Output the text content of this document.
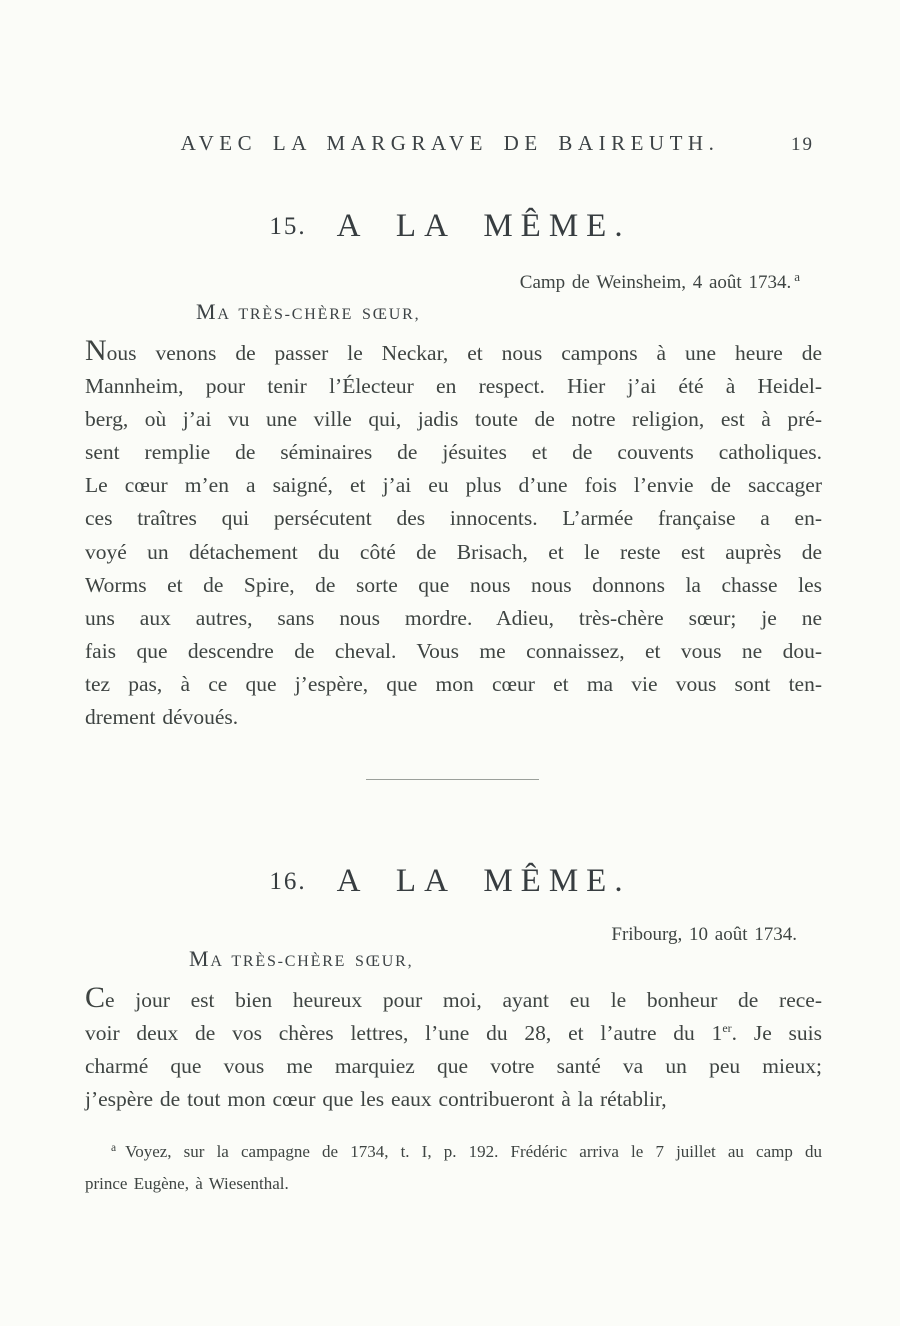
AVEC LA MARGRAVE DE BAIREUTH.	19
15. A LA MÊME.
Camp de Weinsheim, 4 août 1734. $^a$
MA TRÈS-CHÈRE SŒUR,
Nous venons de passer le Neckar, et nous campons à une heure de
Mannheim, pour tenir l’Électeur en respect. Hier j’ai été à Heidel-
berg, où j’ai vu une ville qui, jadis toute de notre religion, est à pré-
sent remplie de séminaires de jésuites et de couvents catholiques.
Le cœur m’en a saigné, et j’ai eu plus d’une fois l’envie de saccager
ces traîtres qui persécutent des innocents. L’armée française a en-
voyé un détachement du côté de Brisach, et le reste est auprès de
Worms et de Spire, de sorte que nous nous donnons la chasse les
uns aux autres, sans nous mordre. Adieu, très-chère sœur; je ne
fais que descendre de cheval. Vous me connaissez, et vous ne dou-
tez pas, à ce que j’espère, que mon cœur et ma vie vous sont ten-
drement dévoués.
16. A LA MÊME.
Fribourg, 10 août 1734.
MA TRÈS-CHÈRE SŒUR,
Ce jour est bien heureux pour moi, ayant eu le bonheur de rece-
voir deux de vos chères lettres, l’une du 28, et l’autre du 1er. Je suis
charmé que vous me marquiez que votre santé va un peu mieux;
j’espère de tout mon cœur que les eaux contribueront à la rétablir,
$^a$ Voyez, sur la campagne de 1734, t. I, p. 192. Frédéric arriva le 7 juillet au camp du
prince Eugène, à Wiesenthal.
